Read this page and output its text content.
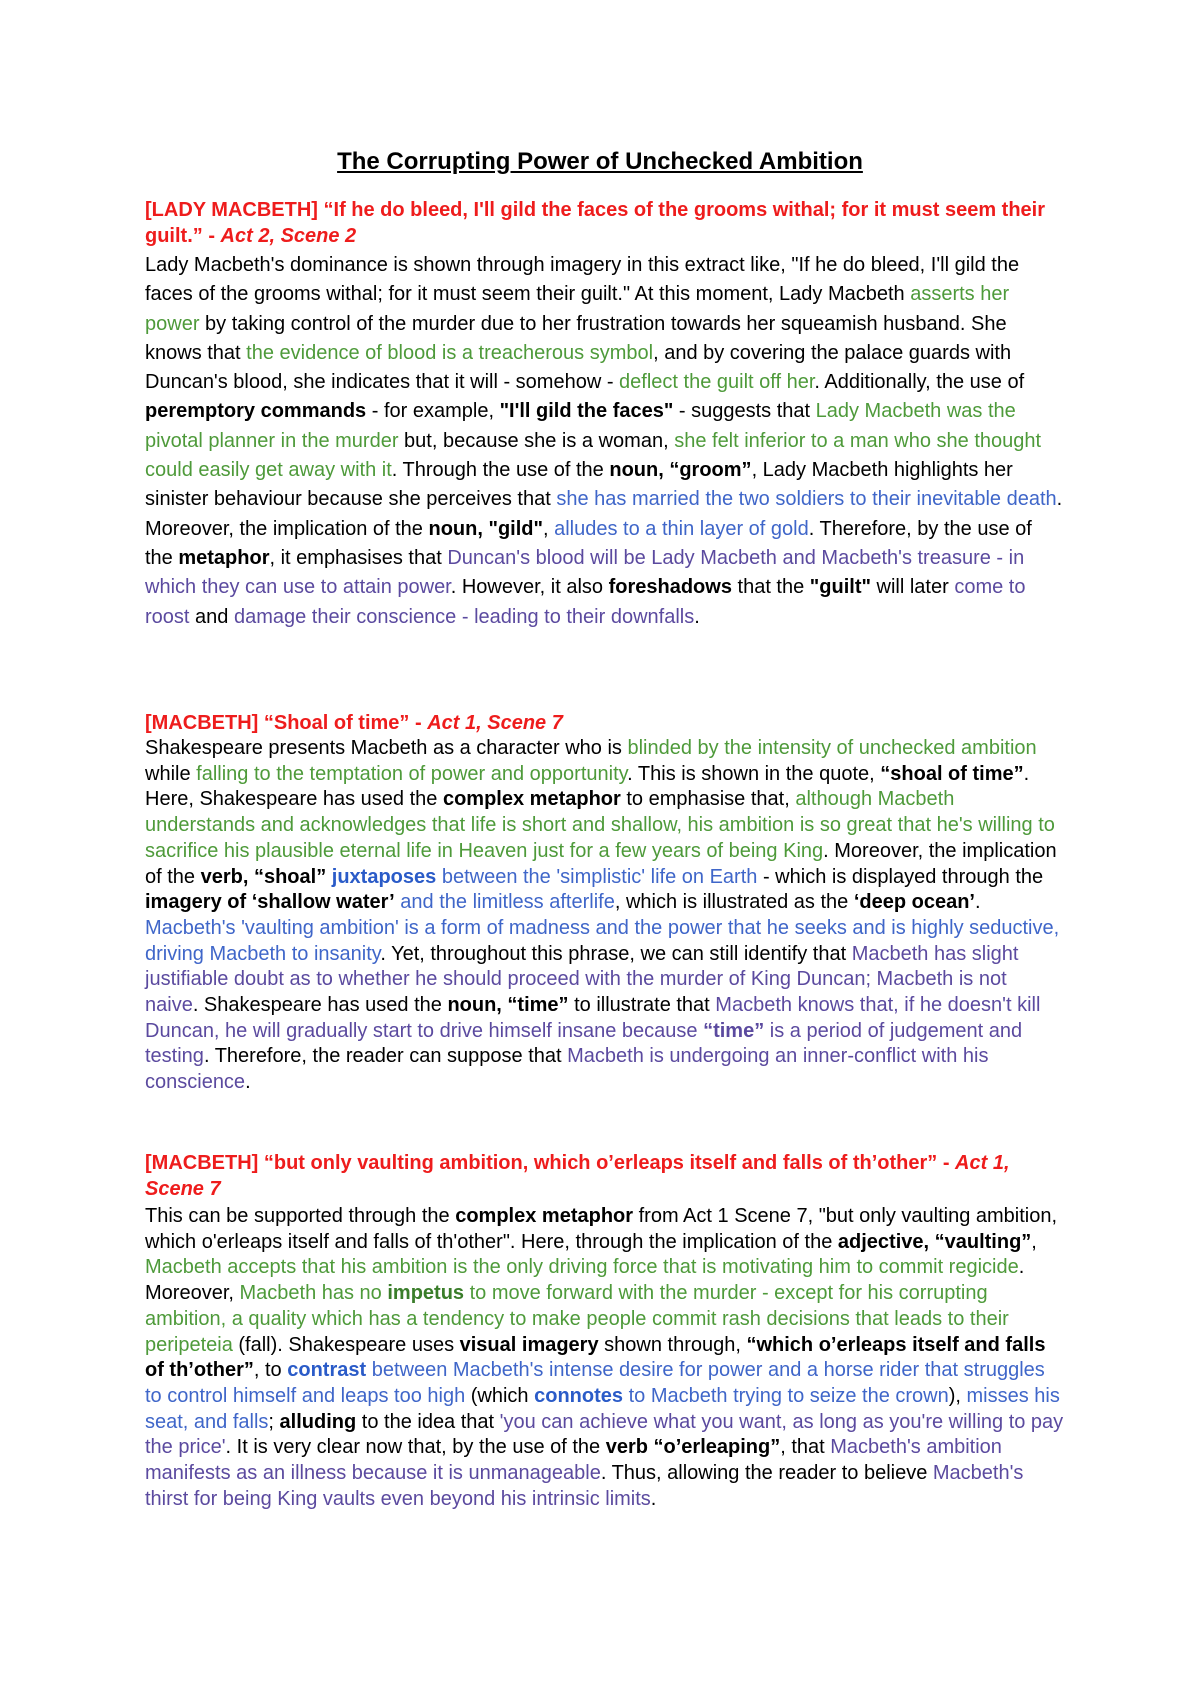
The Corrupting Power of Unchecked Ambition
[LADY MACBETH] “If he do bleed, I'll gild the faces of the grooms withal; for it must seem their guilt.” - Act 2, Scene 2
Lady Macbeth's dominance is shown through imagery in this extract like, "If he do bleed, I'll gild the faces of the grooms withal; for it must seem their guilt." At this moment, Lady Macbeth asserts her power by taking control of the murder due to her frustration towards her squeamish husband. She knows that the evidence of blood is a treacherous symbol, and by covering the palace guards with Duncan's blood, she indicates that it will - somehow - deflect the guilt off her. Additionally, the use of peremptory commands - for example, "I'll gild the faces" - suggests that Lady Macbeth was the pivotal planner in the murder but, because she is a woman, she felt inferior to a man who she thought could easily get away with it. Through the use of the noun, “groom”, Lady Macbeth highlights her sinister behaviour because she perceives that she has married the two soldiers to their inevitable death. Moreover, the implication of the noun, "gild", alludes to a thin layer of gold. Therefore, by the use of the metaphor, it emphasises that Duncan's blood will be Lady Macbeth and Macbeth's treasure - in which they can use to attain power. However, it also foreshadows that the "guilt" will later come to roost and damage their conscience - leading to their downfalls.
[MACBETH] “Shoal of time” - Act 1, Scene 7
Shakespeare presents Macbeth as a character who is blinded by the intensity of unchecked ambition while falling to the temptation of power and opportunity. This is shown in the quote, “shoal of time”. Here, Shakespeare has used the complex metaphor to emphasise that, although Macbeth understands and acknowledges that life is short and shallow, his ambition is so great that he's willing to sacrifice his plausible eternal life in Heaven just for a few years of being King. Moreover, the implication of the verb, “shoal” juxtaposes between the 'simplistic' life on Earth - which is displayed through the imagery of ‘shallow water’ and the limitless afterlife, which is illustrated as the ‘deep ocean’. Macbeth's 'vaulting ambition' is a form of madness and the power that he seeks and is highly seductive, driving Macbeth to insanity. Yet, throughout this phrase, we can still identify that Macbeth has slight justifiable doubt as to whether he should proceed with the murder of King Duncan; Macbeth is not naive. Shakespeare has used the noun, “time” to illustrate that Macbeth knows that, if he doesn't kill Duncan, he will gradually start to drive himself insane because “time” is a period of judgement and testing. Therefore, the reader can suppose that Macbeth is undergoing an inner-conflict with his conscience.
[MACBETH] “but only vaulting ambition, which o’erleaps itself and falls of th’other” - Act 1, Scene 7
This can be supported through the complex metaphor from Act 1 Scene 7, "but only vaulting ambition, which o'erleaps itself and falls of th'other". Here, through the implication of the adjective, “vaulting”, Macbeth accepts that his ambition is the only driving force that is motivating him to commit regicide. Moreover, Macbeth has no impetus to move forward with the murder - except for his corrupting ambition, a quality which has a tendency to make people commit rash decisions that leads to their peripeteia (fall). Shakespeare uses visual imagery shown through, “which o’erleaps itself and falls of th’other”, to contrast between Macbeth's intense desire for power and a horse rider that struggles to control himself and leaps too high (which connotes to Macbeth trying to seize the crown), misses his seat, and falls; alluding to the idea that 'you can achieve what you want, as long as you're willing to pay the price'. It is very clear now that, by the use of the verb “o’erleaping”, that Macbeth's ambition manifests as an illness because it is unmanageable. Thus, allowing the reader to believe Macbeth's thirst for being King vaults even beyond his intrinsic limits.
